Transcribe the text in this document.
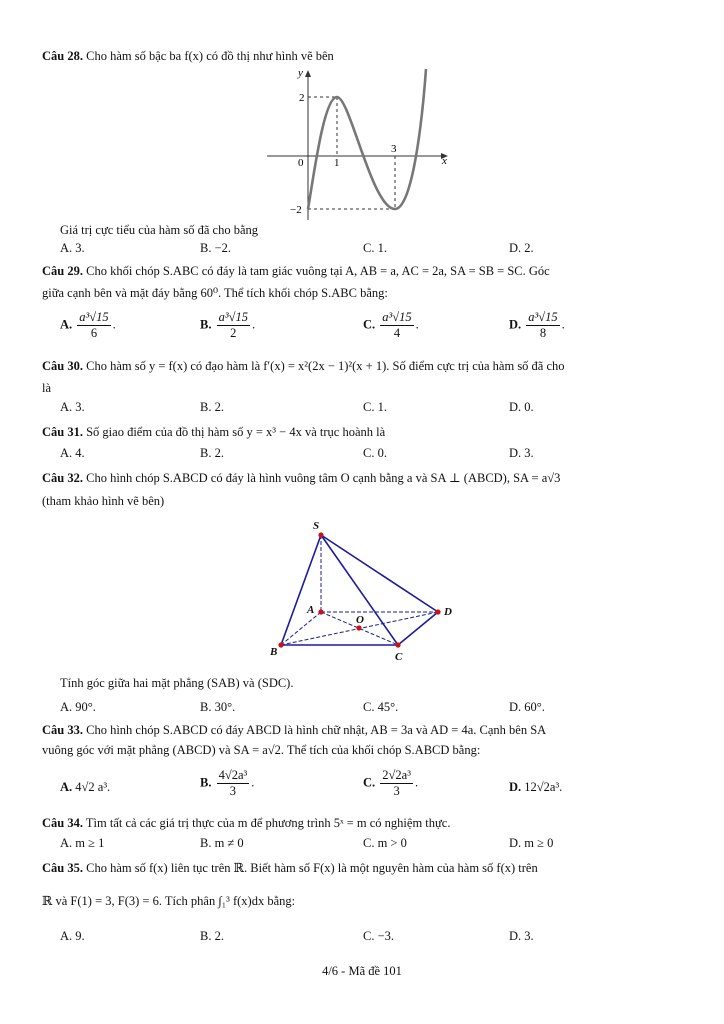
Câu 28. Cho hàm số bậc ba f(x) có đồ thị như hình vẽ bên
y
x
0	1
3
2
−2
Giá trị cực tiểu của hàm số đã cho bằng
A. 3.	B. −2.	C. 1.	D. 2.
Câu 29. Cho khối chóp S.ABC có đáy là tam giác vuông tại A, AB = a, AC = 2a, SA = SB = SC. Góc
giữa cạnh bên và mặt đáy bằng 60⁰. Thể tích khối chóp S.ABC bằng:
A. $\frac{\text{a³√15}}{6}$ .	B. $\frac{\text{a³√15}}{2}$ .	C. $\frac{\text{a³√15}}{4}$ .	D. $\frac{\text{a³√15}}{8}$ .
Câu 30. Cho hàm số y = f(x) có đạo hàm là f′(x) = x²(2x − 1)²(x + 1). Số điểm cực trị của hàm số đã cho
là
A. 3.	B. 2.	C. 1.	D. 0.
Câu 31. Số giao điểm của đồ thị hàm số y = x³ − 4x và trục hoành là
A. 4.	B. 2.	C. 0.	D. 3.
Câu 32. Cho hình chóp S.ABCD có đáy là hình vuông tâm O cạnh bằng a và SA ⊥ (ABCD), SA = a√3
(tham khảo hình vẽ bên)
S
A
B	C
D
O
Tính góc giữa hai mặt phẳng (SAB) và (SDC).
A. 90°.	B. 30°.	C. 45°.	D. 60°.
Câu 33. Cho hình chóp S.ABCD có đáy ABCD là hình chữ nhật, AB = 3a và AD = 4a. Cạnh bên SA
vuông góc với mặt phẳng (ABCD) và SA = a√2. Thể tích của khối chóp S.ABCD bằng:
A. 4√2 a³.	B. $\frac{\text{4√2a³}}{3}$ .	C. $\frac{\text{2√2a³}}{3}$ .	D. 12√2a³.
Câu 34. Tìm tất cả các giá trị thực của m để phương trình 5ˣ = m có nghiệm thực.
A. m ≥ 1	B. m ≠ 0	C. m > 0	D. m ≥ 0
Câu 35. Cho hàm số f(x) liên tục trên ℝ. Biết hàm số F(x) là một nguyên hàm của hàm số f(x) trên
ℝ và F(1) = 3, F(3) = 6. Tích phân ∫₁³ f(x)dx bằng:
A. 9.	B. 2.	C. −3.	D. 3.
4/6 - Mã đề 101
